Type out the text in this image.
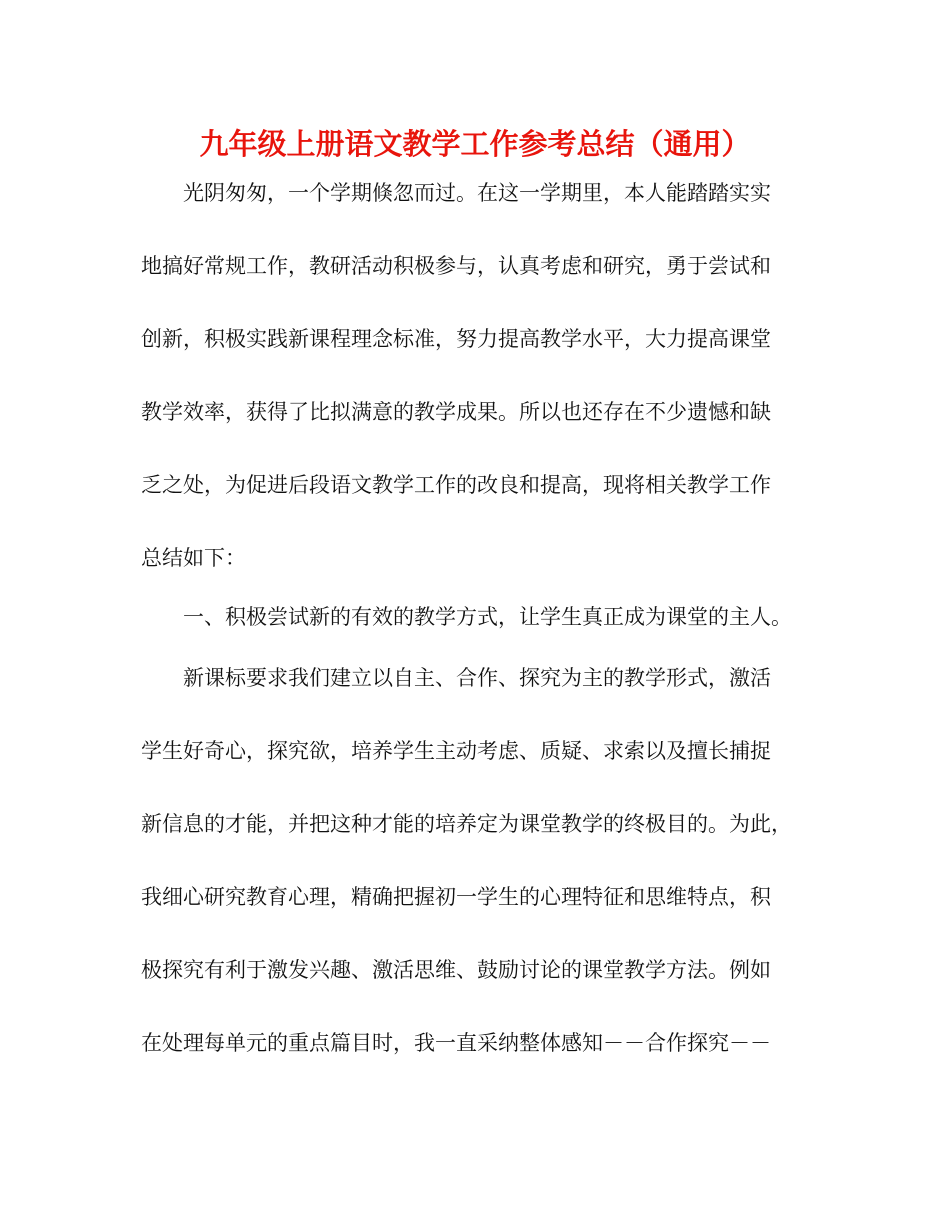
九年级上册语文教学工作参考总结（通用）
光阴匆匆，一个学期倏忽而过。在这一学期里，本人能踏踏实实
地搞好常规工作，教研活动积极参与，认真考虑和研究，勇于尝试和
创新，积极实践新课程理念标准，努力提高教学水平，大力提高课堂
教学效率，获得了比拟满意的教学成果。所以也还存在不少遗憾和缺
乏之处，为促进后段语文教学工作的改良和提高，现将相关教学工作
总结如下：
一、积极尝试新的有效的教学方式，让学生真正成为课堂的主人。
新课标要求我们建立以自主、合作、探究为主的教学形式，激活
学生好奇心，探究欲，培养学生主动考虑、质疑、求索以及擅长捕捉
新信息的才能，并把这种才能的培养定为课堂教学的终极目的。为此，
我细心研究教育心理，精确把握初一学生的心理特征和思维特点，积
极探究有利于激发兴趣、激活思维、鼓励讨论的课堂教学方法。例如
在处理每单元的重点篇目时，我一直采纳整体感知－－合作探究－－
